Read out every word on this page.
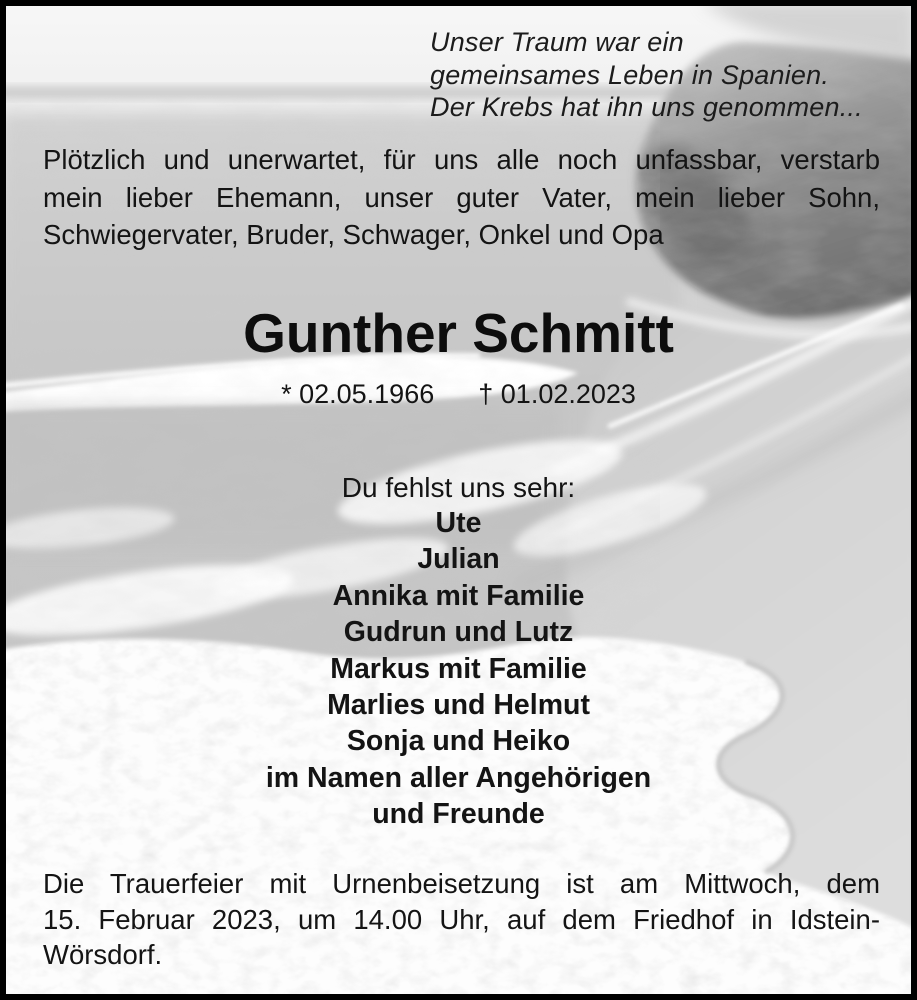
Unser Traum war ein
gemeinsames Leben in Spanien.
Der Krebs hat ihn uns genommen...
Plötzlich und unerwartet, für uns alle noch unfassbar, verstarb
mein lieber Ehemann, unser guter Vater, mein lieber Sohn,
Schwiegervater, Bruder, Schwager, Onkel und Opa
Gunther Schmitt
* 02.05.1966 † 01.02.2023
Du fehlst uns sehr:
Ute
Julian
Annika mit Familie
Gudrun und Lutz
Markus mit Familie
Marlies und Helmut
Sonja und Heiko
im Namen aller Angehörigen
und Freunde
Die Trauerfeier mit Urnenbeisetzung ist am Mittwoch, dem
15. Februar 2023, um 14.00 Uhr, auf dem Friedhof in Idstein-
Wörsdorf.
